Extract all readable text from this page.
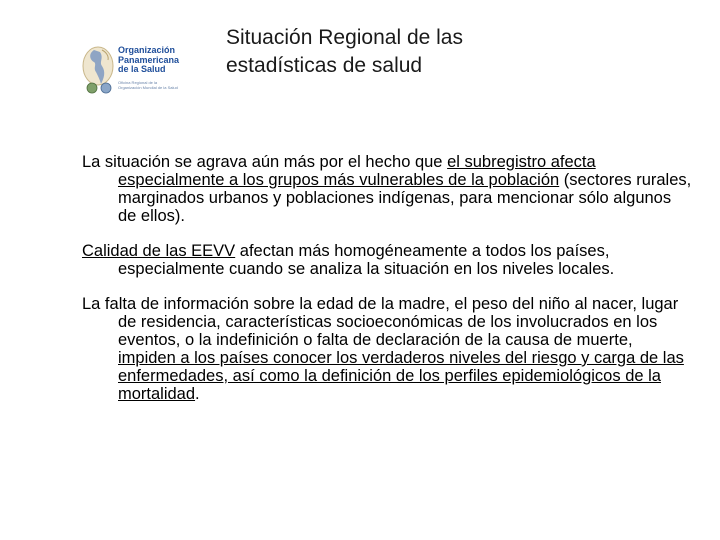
Organización
Panamericana
de la Salud
Oficina Regional de la
Organización Mundial de la Salud
Situación Regional de las
estadísticas de salud

La situación se agrava aún más por el hecho que el subregistro afecta especialmente a los grupos más vulnerables de la población (sectores rurales, marginados urbanos y poblaciones indígenas, para mencionar sólo algunos de ellos).

Calidad de las EEVV afectan más homogéneamente a todos los países, especialmente cuando se analiza la situación en los niveles locales.

La falta de información sobre la edad de la madre, el peso del niño al nacer, lugar de residencia, características socioeconómicas de los involucrados en los eventos, o la indefinición o falta de declaración de la causa de muerte, impiden a los países conocer los verdaderos niveles del riesgo y carga de las enfermedades, así como la definición de los perfiles epidemiológicos de la mortalidad.
